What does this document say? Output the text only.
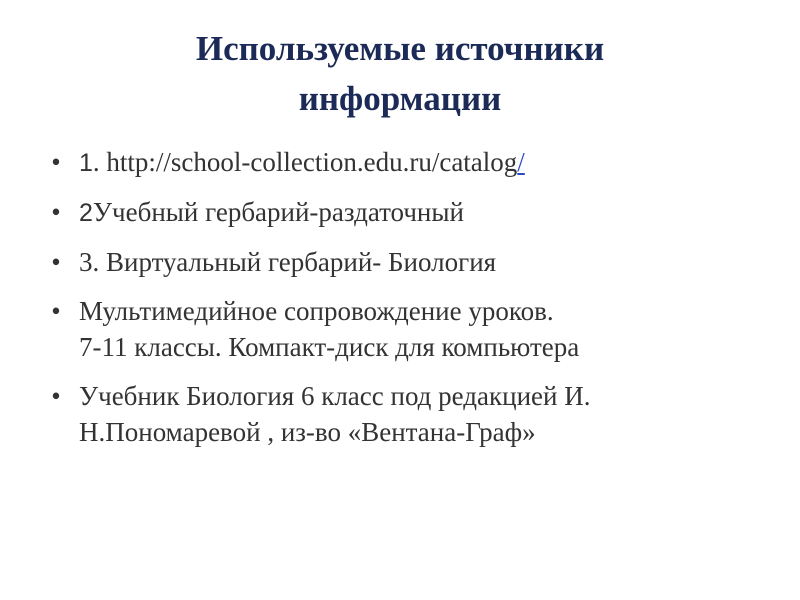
Используемые источники
информации
• 1. http://school-collection.edu.ru/catalog/
• 2Учебный гербарий-раздаточный
• 3. Виртуальный гербарий- Биология
• Мультимедийное сопровождение уроков.
7-11 классы. Компакт-диск для компьютера
• Учебник Биология 6 класс под редакцией И.
Н.Пономаревой , из-во «Вентана-Граф»
